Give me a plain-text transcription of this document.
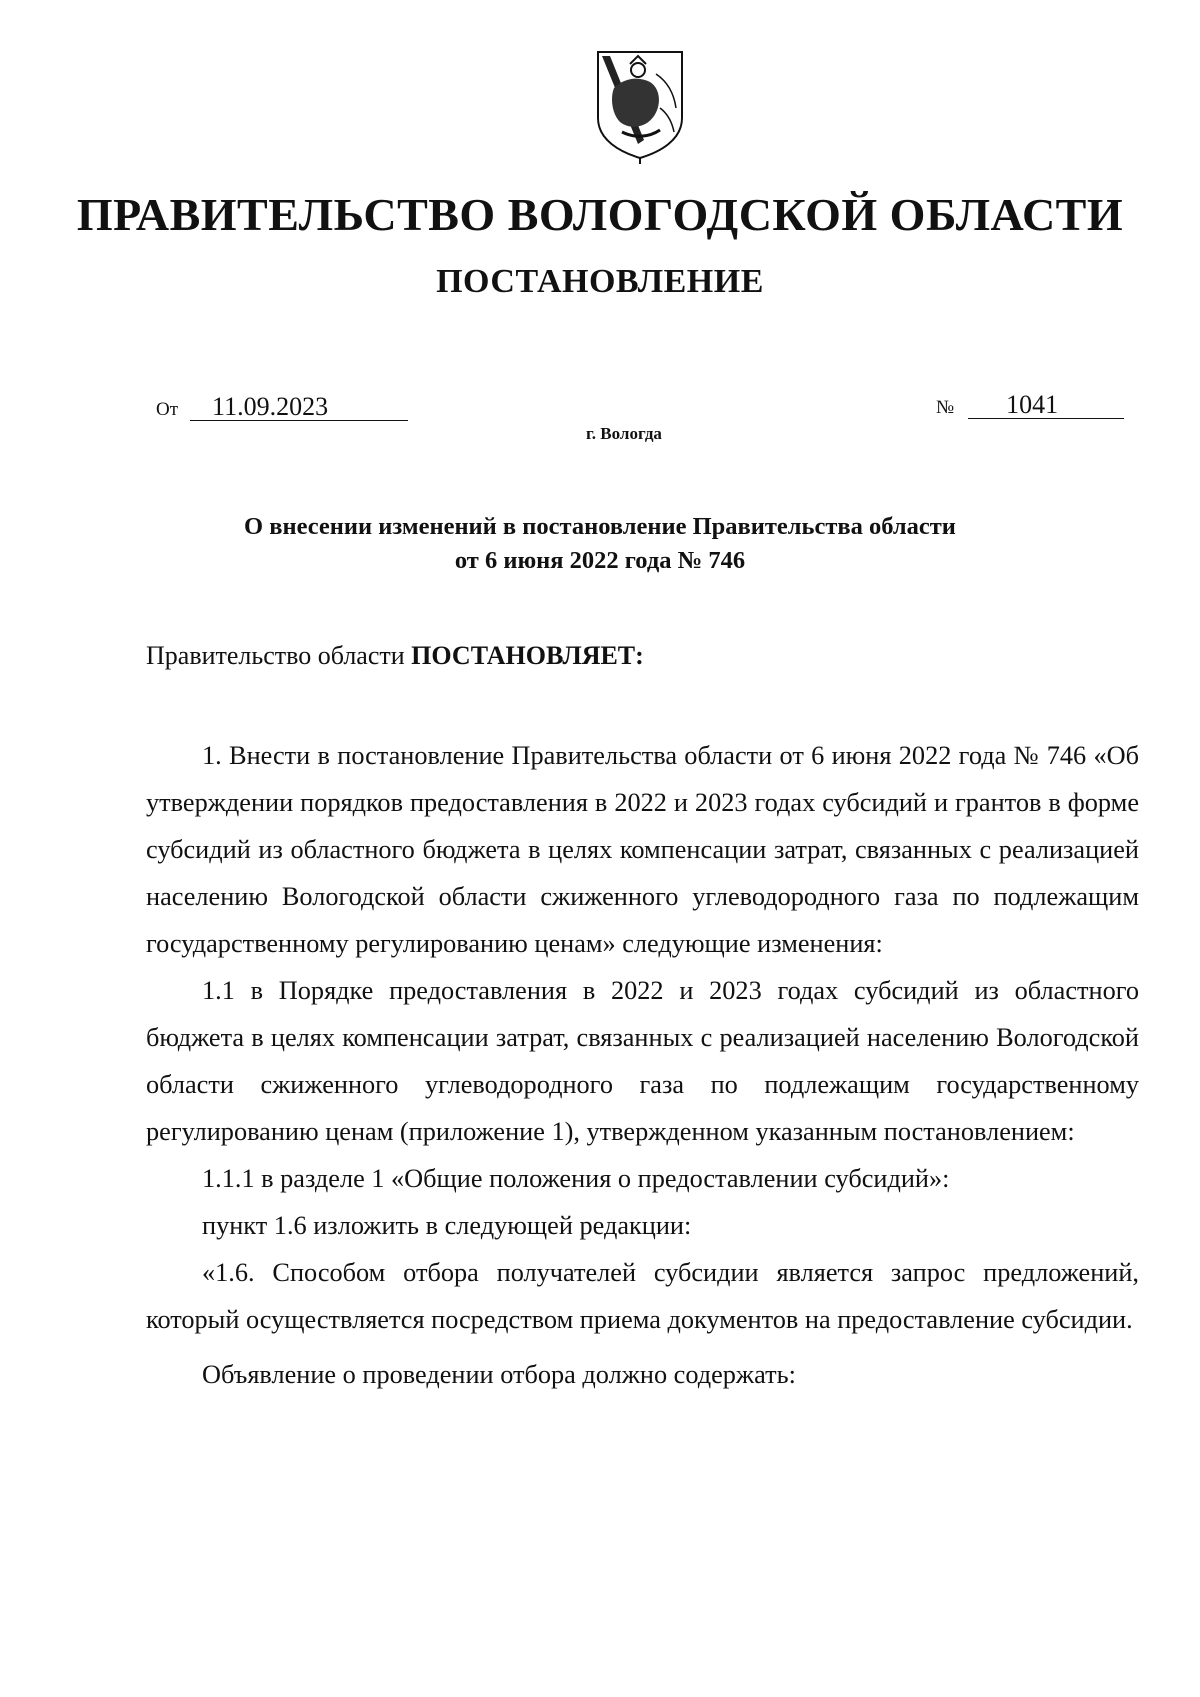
ПРАВИТЕЛЬСТВО ВОЛОГОДСКОЙ ОБЛАСТИ
ПОСТАНОВЛЕНИЕ
От 11.09.2023	№ 1041
г. Вологда
О внесении изменений в постановление Правительства области
от 6 июня 2022 года № 746
Правительство области ПОСТАНОВЛЯЕТ:

1. Внести в постановление Правительства области от 6 июня 2022 года № 746 «Об утверждении порядков предоставления в 2022 и 2023 годах субсидий и грантов в форме субсидий из областного бюджета в целях компенсации затрат, связанных с реализацией населению Вологодской области сжиженного углеводородного газа по подлежащим государственному регулированию ценам» следующие изменения:

1.1 в Порядке предоставления в 2022 и 2023 годах субсидий из областного бюджета в целях компенсации затрат, связанных с реализацией населению Вологодской области сжиженного углеводородного газа по подлежащим государственному регулированию ценам (приложение 1), утвержденном указанным постановлением:

1.1.1 в разделе 1 «Общие положения о предоставлении субсидий»:

пункт 1.6 изложить в следующей редакции:

«1.6. Способом отбора получателей субсидии является запрос предложений, который осуществляется посредством приема документов на предоставление субсидии.

Объявление о проведении отбора должно содержать:
